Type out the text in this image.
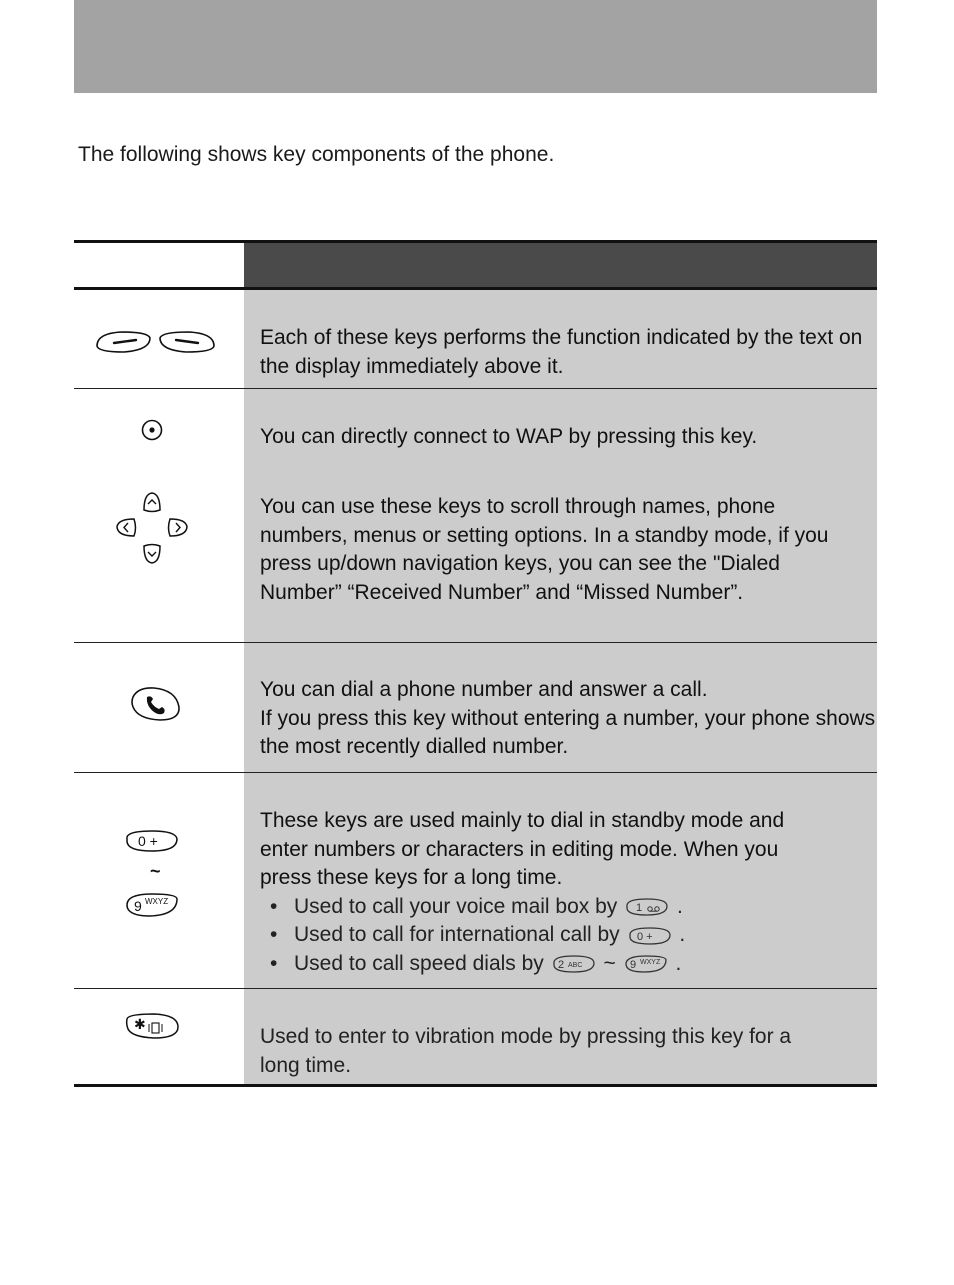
The following shows key components of the phone.
Each of these keys performs the function indicated by the text on the display immediately above it.
You can directly connect to WAP by pressing this key.
You can use these keys to scroll through names, phone numbers, menus or setting options. In a standby mode, if you press up/down navigation keys, you can see the "Dialed Number” “Received Number” and “Missed Number”.
You can dial a phone number and answer a call.
If you press this key without entering a number, your phone shows the most recently dialled number.
0 +
~
9 WXYZ
These keys are used mainly to dial in standby mode and enter numbers or characters in editing mode. When you press these keys for a long time.
• Used to call your voice mail box by 1 .
• Used to call for international call by 0 + .
• Used to call speed dials by 2 ABC ~ 9 WXYZ .
✱	Used to enter to vibration mode by pressing this key for a long time.
